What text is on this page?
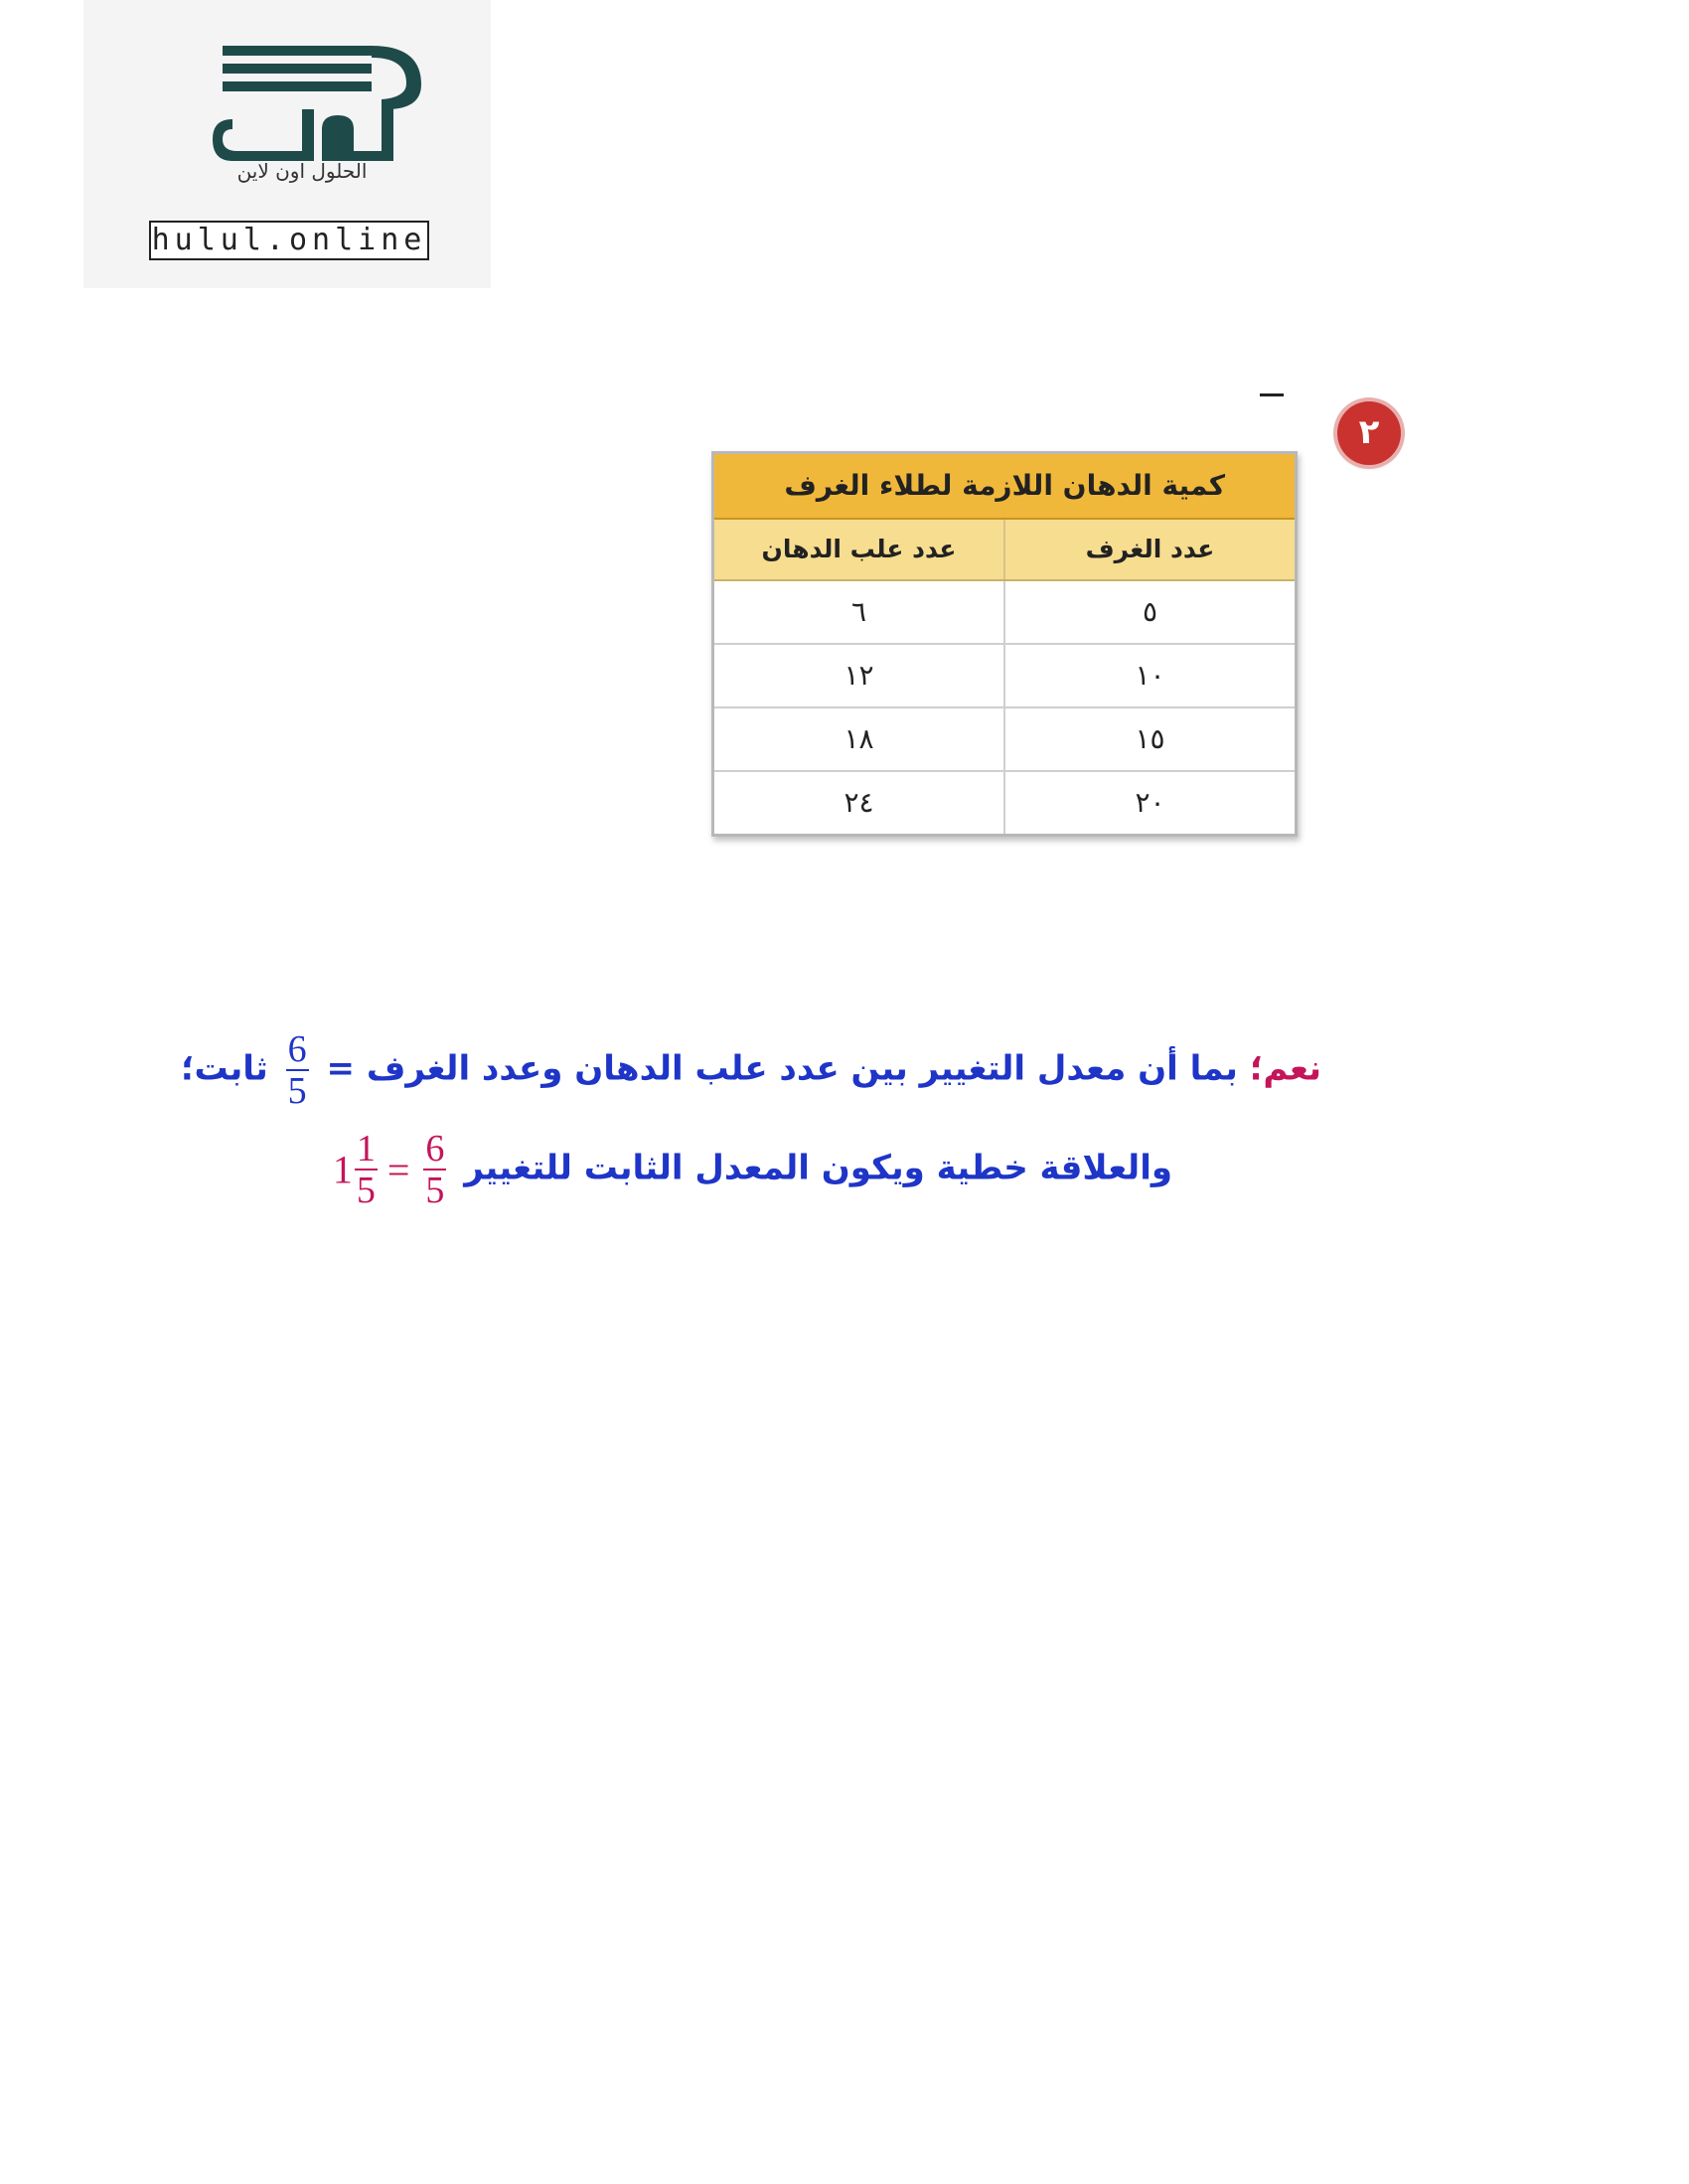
الحلول اون لاين
hulul.online
٢
كمية الدهان اللازمة لطلاء الغرف
عدد الغرف
عدد علب الدهان
٥
٦
١٠
١٢
١٥
١٨
٢٠
٢٤
نعم؛ بما أن معدل التغيير بين عدد علب الدهان وعدد الغرف =
$\frac{6}{5}$
ثابت؛
والعلاقة خطية ويكون المعدل الثابت للتغيير $1 \frac{1}{5} = \frac{6}{5}$
